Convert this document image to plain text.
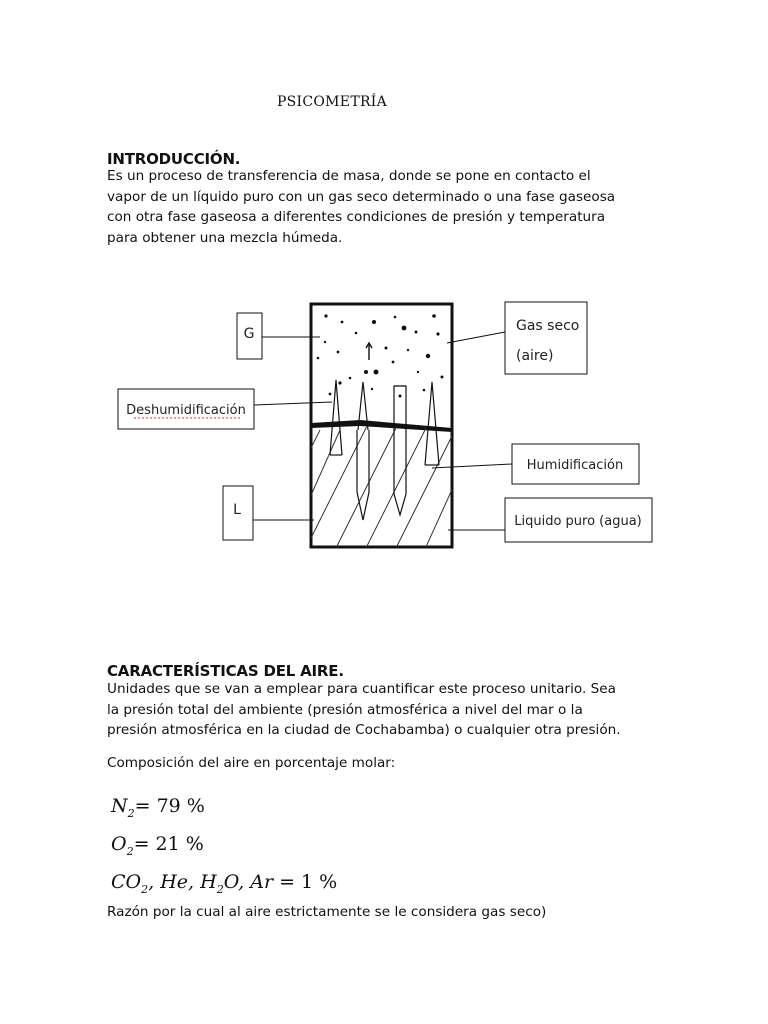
PSICOMETRÍA
INTRODUCCIÓN.
Es un proceso de transferencia de masa, donde se pone en contacto el
vapor de un líquido puro con un gas seco determinado o una fase gaseosa
con otra fase gaseosa a diferentes condiciones de presión y temperatura
para obtener una mezcla húmeda.
G
Deshumidificación
L
Gas seco
(aire)
Humidificación
Liquido puro (agua)
CARACTERÍSTICAS DEL AIRE.
Unidades que se van a emplear para cuantificar este proceso unitario. Sea
la presión total del ambiente (presión atmosférica a nivel del mar o la
presión atmosférica en la ciudad de Cochabamba) o cualquier otra presión.
Composición del aire en porcentaje molar:
$N_2= 79$ %
$O_2= 21$ %
$CO_2$, He, $H_2O$, Ar = 1 %
Razón por la cual al aire estrictamente se le considera gas seco)
